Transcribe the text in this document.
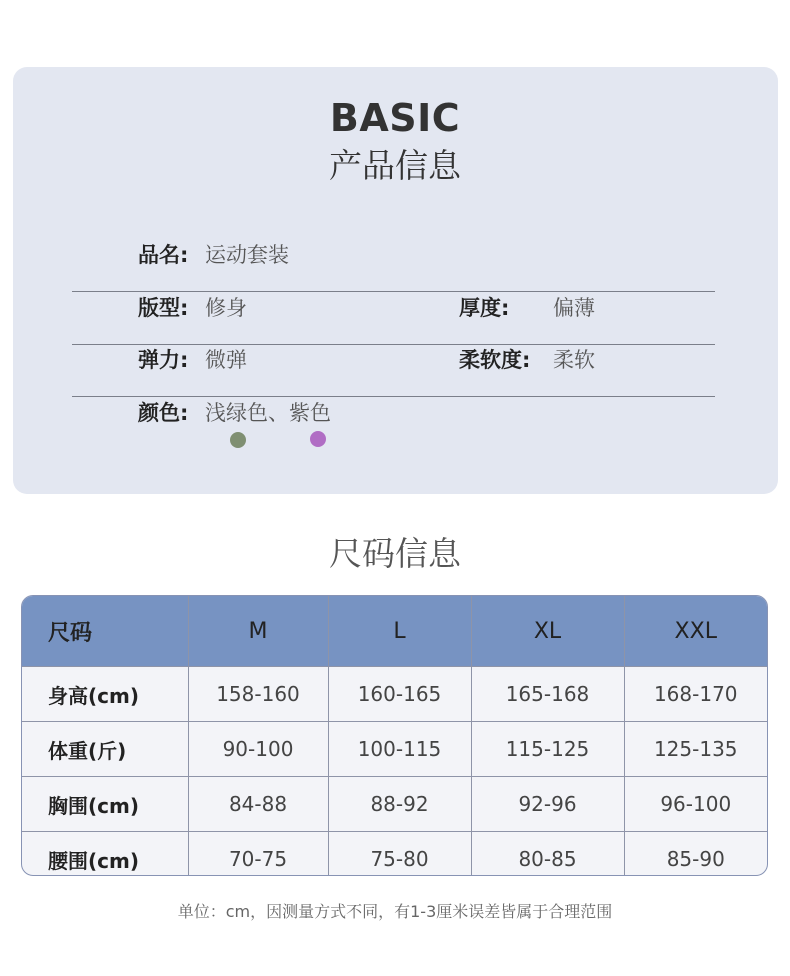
BASIC
产品信息
品名: 运动套装
版型: 修身	厚度: 偏薄
弹力: 微弹	柔软度: 柔软
颜色: 浅绿色、紫色
尺码信息
尺码	M	L	XL	XXL
身高(cm)	158-160	160-165	165-168	168-170
体重(斤)	90-100	100-115	115-125	125-135
胸围(cm)	84-88	88-92	92-96	96-100
腰围(cm)	70-75	75-80	80-85	85-90
单位：cm，因测量方式不同，有1-3厘米误差皆属于合理范围
